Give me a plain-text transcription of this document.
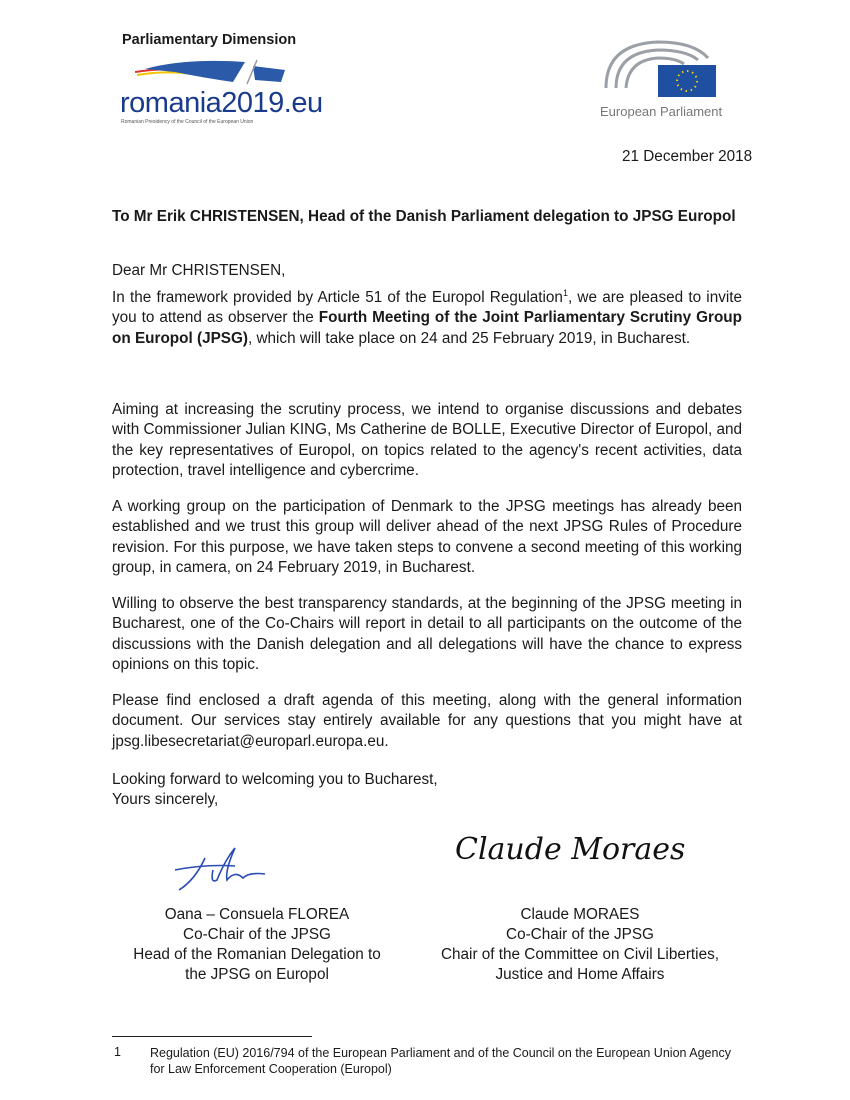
Parliamentary Dimension
romania2019.eu
Romanian Presidency of the Council of the European Union
European Parliament
21 December 2018
To Mr Erik CHRISTENSEN, Head of the Danish Parliament delegation to JPSG Europol
Dear Mr CHRISTENSEN,

In the framework provided by Article 51 of the Europol Regulation$^1$, we are pleased to invite you to attend as observer the Fourth Meeting of the Joint Parliamentary Scrutiny Group on Europol (JPSG), which will take place on 24 and 25 February 2019, in Bucharest.

Aiming at increasing the scrutiny process, we intend to organise discussions and debates with Commissioner Julian KING, Ms Catherine de BOLLE, Executive Director of Europol, and the key representatives of Europol, on topics related to the agency's recent activities, data protection, travel intelligence and cybercrime.

A working group on the participation of Denmark to the JPSG meetings has already been established and we trust this group will deliver ahead of the next JPSG Rules of Procedure revision. For this purpose, we have taken steps to convene a second meeting of this working group, in camera, on 24 February 2019, in Bucharest.

Willing to observe the best transparency standards, at the beginning of the JPSG meeting in Bucharest, one of the Co-Chairs will report in detail to all participants on the outcome of the discussions with the Danish delegation and all delegations will have the chance to express opinions on this topic.

Please find enclosed a draft agenda of this meeting, along with the general information document. Our services stay entirely available for any questions that you might have at jpsg.libesecretariat@europarl.europa.eu.

Looking forward to welcoming you to Bucharest,
Yours sincerely,
Claude Moraes
Oana – Consuela FLOREA
Co-Chair of the JPSG
Head of the Romanian Delegation to
the JPSG on Europol
Claude MORAES
Co-Chair of the JPSG
Chair of the Committee on Civil Liberties,
Justice and Home Affairs
1 Regulation (EU) 2016/794 of the European Parliament and of the Council on the European Union Agency for Law Enforcement Cooperation (Europol)
